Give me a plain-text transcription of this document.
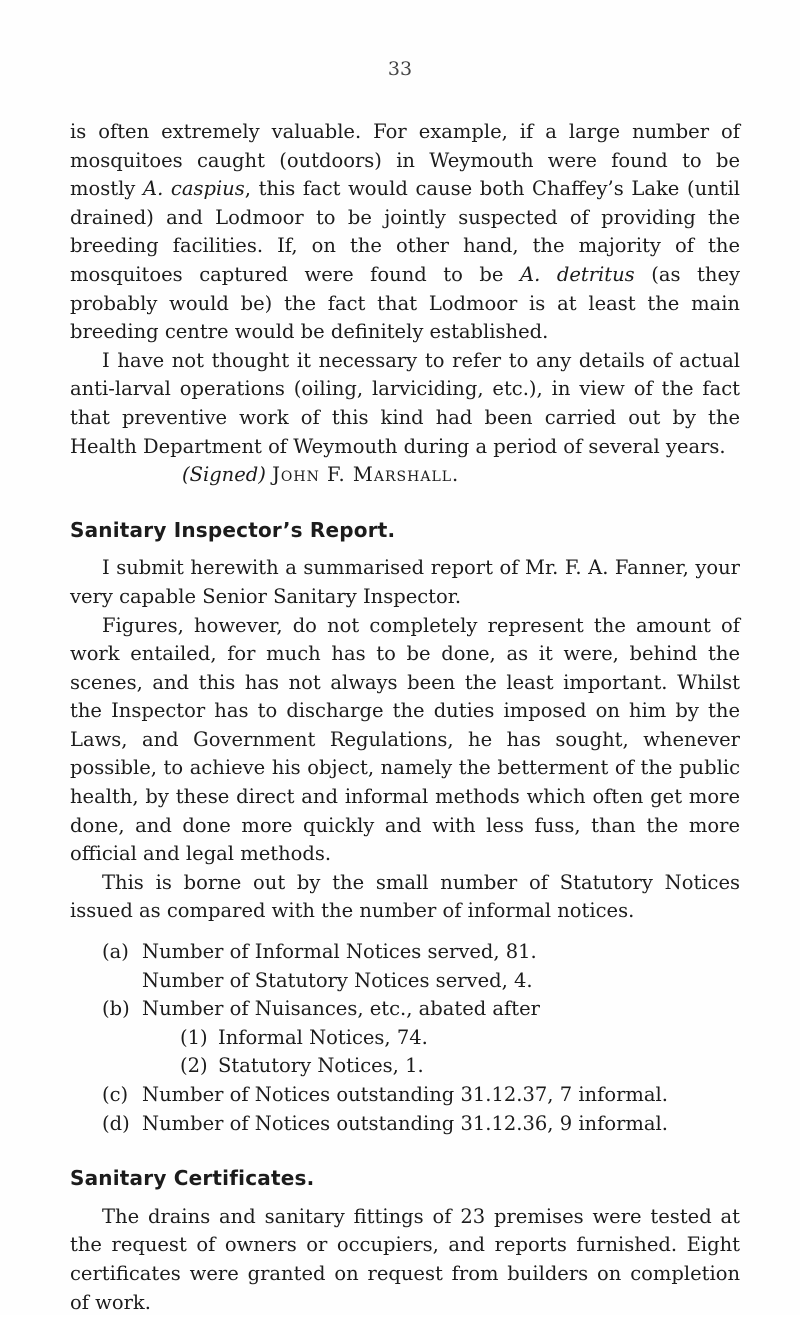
33

is often extremely valuable. For example, if a large number of mosquitoes caught (outdoors) in Weymouth were found to be mostly A. caspius, this fact would cause both Chaffey’s Lake (until drained) and Lodmoor to be jointly suspected of providing the breeding facilities. If, on the other hand, the majority of the mosquitoes captured were found to be A. detritus (as they probably would be) the fact that Lodmoor is at least the main breeding centre would be definitely established.

I have not thought it necessary to refer to any details of actual anti-larval operations (oiling, larviciding, etc.), in view of the fact that preventive work of this kind had been carried out by the Health Department of Weymouth during a period of several years.

(Signed) John F. Marshall.

Sanitary Inspector’s Report.

I submit herewith a summarised report of Mr. F. A. Fanner, your very capable Senior Sanitary Inspector.

Figures, however, do not completely represent the amount of work entailed, for much has to be done, as it were, behind the scenes, and this has not always been the least important. Whilst the Inspector has to discharge the duties imposed on him by the Laws, and Government Regulations, he has sought, whenever possible, to achieve his object, namely the betterment of the public health, by these direct and informal methods which often get more done, and done more quickly and with less fuss, than the more official and legal methods.

This is borne out by the small number of Statutory Notices issued as compared with the number of informal notices.

(a) Number of Informal Notices served, 81.
Number of Statutory Notices served, 4.
(b) Number of Nuisances, etc., abated after
(1) Informal Notices, 74.
(2) Statutory Notices, 1.
(c) Number of Notices outstanding 31.12.37, 7 informal.
(d) Number of Notices outstanding 31.12.36, 9 informal.
Sanitary Certificates.

The drains and sanitary fittings of 23 premises were tested at the request of owners or occupiers, and reports furnished. Eight certificates were granted on request from builders on completion of work.
